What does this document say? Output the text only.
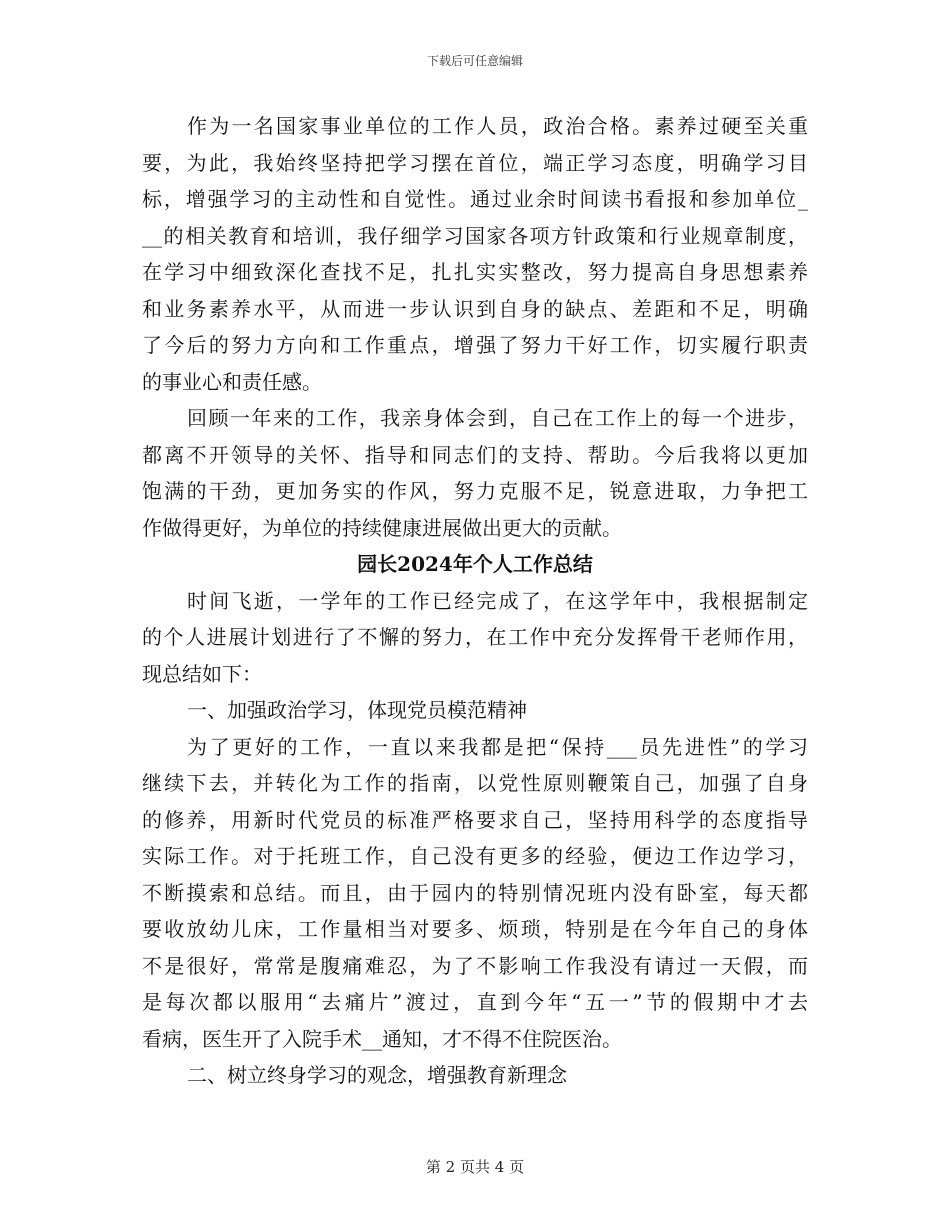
下载后可任意编辑
作为一名国家事业单位的工作人员，政治合格。素养过硬至关重
要，为此，我始终坚持把学习摆在首位，端正学习态度，明确学习目
标，增强学习的主动性和自觉性。通过业余时间读书看报和参加单位_
__的相关教育和培训，我仔细学习国家各项方针政策和行业规章制度，
在学习中细致深化查找不足，扎扎实实整改，努力提高自身思想素养
和业务素养水平，从而进一步认识到自身的缺点、差距和不足，明确
了今后的努力方向和工作重点，增强了努力干好工作，切实履行职责
的事业心和责任感。
回顾一年来的工作，我亲身体会到，自己在工作上的每一个进步，
都离不开领导的关怀、指导和同志们的支持、帮助。今后我将以更加
饱满的干劲，更加务实的作风，努力克服不足，锐意进取，力争把工
作做得更好，为单位的持续健康进展做出更大的贡献。
园长2024年个人工作总结
时间飞逝，一学年的工作已经完成了，在这学年中，我根据制定
的个人进展计划进行了不懈的努力，在工作中充分发挥骨干老师作用，
现总结如下：
一、加强政治学习，体现党员模范精神
为了更好的工作，一直以来我都是把“保持___员先进性”的学习
继续下去，并转化为工作的指南，以党性原则鞭策自己，加强了自身
的修养，用新时代党员的标准严格要求自己，坚持用科学的态度指导
实际工作。对于托班工作，自己没有更多的经验，便边工作边学习，
不断摸索和总结。而且，由于园内的特别情况班内没有卧室，每天都
要收放幼儿床，工作量相当对要多、烦琐，特别是在今年自己的身体
不是很好，常常是腹痛难忍，为了不影响工作我没有请过一天假，而
是每次都以服用“去痛片”渡过，直到今年“五一”节的假期中才去
看病，医生开了入院手术__通知，才不得不住院医治。
二、树立终身学习的观念，增强教育新理念
第 2 页共 4 页
